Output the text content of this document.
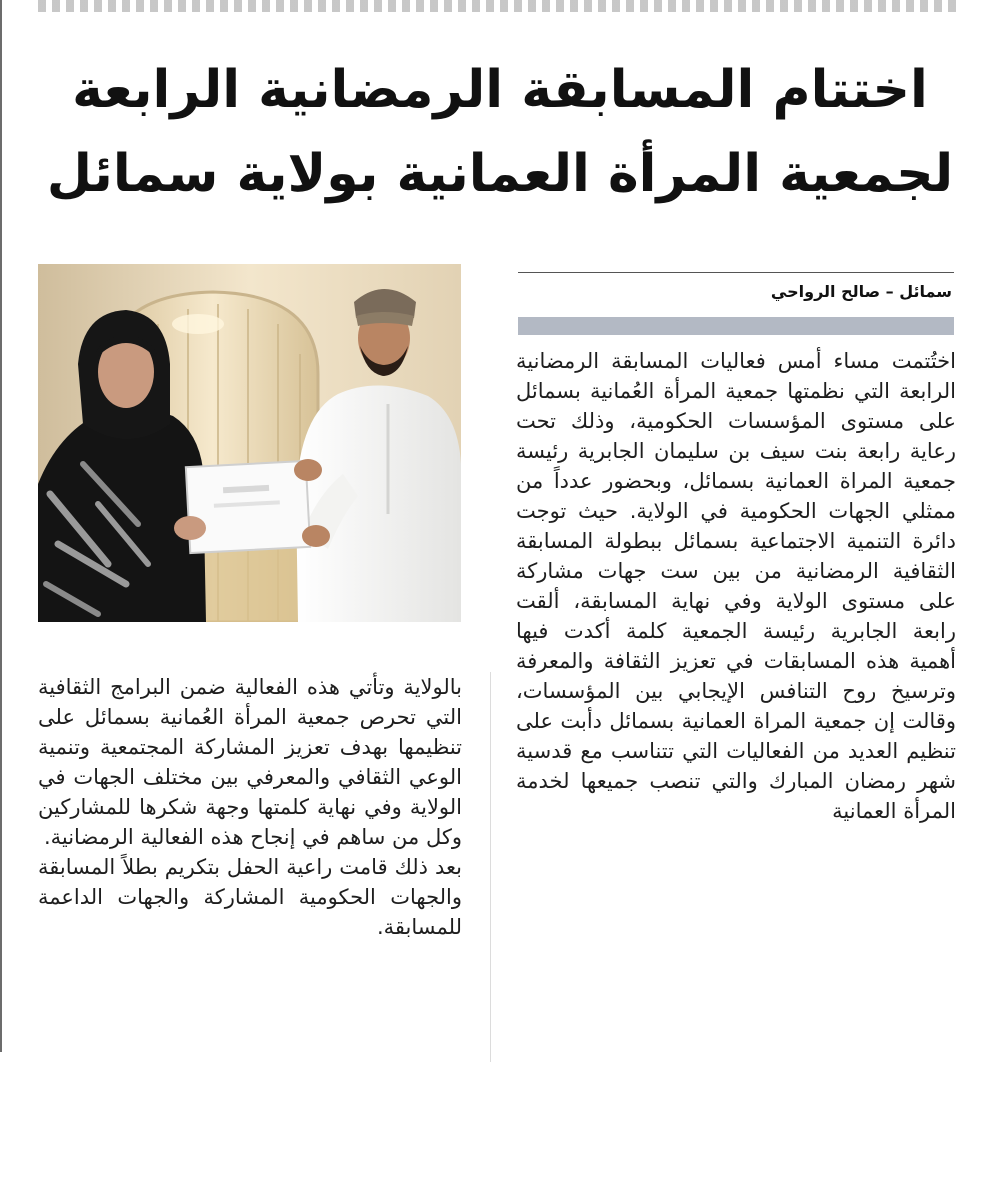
اختتام المسابقة الرمضانية الرابعة
لجمعية المرأة العمانية بولاية سمائل
سمائل – صالح الرواحي

اختُتمت مساء أمس فعاليات المسابقة الرمضانية الرابعة التي نظمتها جمعية المرأة العُمانية بسمائل على مستوى المؤسسات الحكومية، وذلك تحت رعاية رابعة بنت سيف بن سليمان الجابرية رئيسة جمعية المراة العمانية بسمائل، وبحضور عدداً من ممثلي الجهات الحكومية في الولاية. حيث توجت دائرة التنمية الاجتماعية بسمائل ببطولة المسابقة الثقافية الرمضانية من بين ست جهات مشاركة على مستوى الولاية وفي نهاية المسابقة، ألقت رابعة الجابرية رئيسة الجمعية كلمة أكدت فيها أهمية هذه المسابقات في تعزيز الثقافة والمعرفة وترسيخ روح التنافس الإيجابي بين المؤسسات، وقالت إن جمعية المراة العمانية بسمائل دأبت على تنظيم العديد من الفعاليات التي تتناسب مع قدسية شهر رمضان المبارك والتي تنصب جميعها لخدمة المرأة العمانية

بالولاية وتأتي هذه الفعالية ضمن البرامج الثقافية التي تحرص جمعية المرأة العُمانية بسمائل على تنظيمها بهدف تعزيز المشاركة المجتمعية وتنمية الوعي الثقافي والمعرفي بين مختلف الجهات في الولاية وفي نهاية كلمتها وجهة شكرها للمشاركين وكل من ساهم في إنجاح هذه الفعالية الرمضانية.

بعد ذلك قامت راعية الحفل بتكريم بطلاً المسابقة والجهات الحكومية المشاركة والجهات الداعمة للمسابقة.
